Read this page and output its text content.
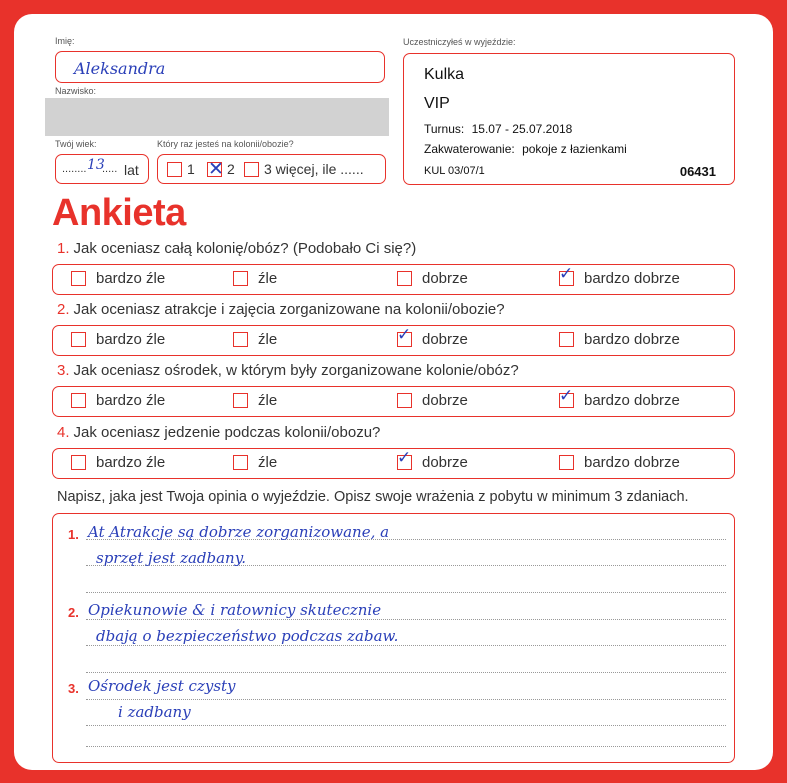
Imię:
Aleksandra
Nazwisko:
Twój wiek:
........ 13
..... lat
Który raz jesteś na kolonii/obozie?
1 ✕ 2 3 więcej, ile ......
Uczestniczyłeś w wyjeździe:
Kulka
VIP
Turnus: 15.07 - 25.07.2018
Zakwaterowanie: pokoje z łazienkami
KUL 03/07/1	06431
Ankieta
1. Jak oceniasz całą kolonię/obóz? (Podobało Ci się?)
bardzo źle	źle	dobrze	✓ bardzo dobrze
2. Jak oceniasz atrakcje i zajęcia zorganizowane na kolonii/obozie?
bardzo źle	źle	✓ dobrze	bardzo dobrze
3. Jak oceniasz ośrodek, w którym były zorganizowane kolonie/obóz?
bardzo źle	źle	dobrze	✓ bardzo dobrze
4. Jak oceniasz jedzenie podczas kolonii/obozu?
bardzo źle	źle	✓ dobrze	bardzo dobrze
Napisz, jaka jest Twoja opinia o wyjeździe. Opisz swoje wrażenia z pobytu w minimum 3 zdaniach.
1. At Atrakcje są dobrze zorganizowane, a
sprzęt jest zadbany.
2. Opiekunowie & i ratownicy skutecznie
dbają o bezpieczeństwo podczas zabaw.
3. Ośrodek jest czysty
i zadbany
